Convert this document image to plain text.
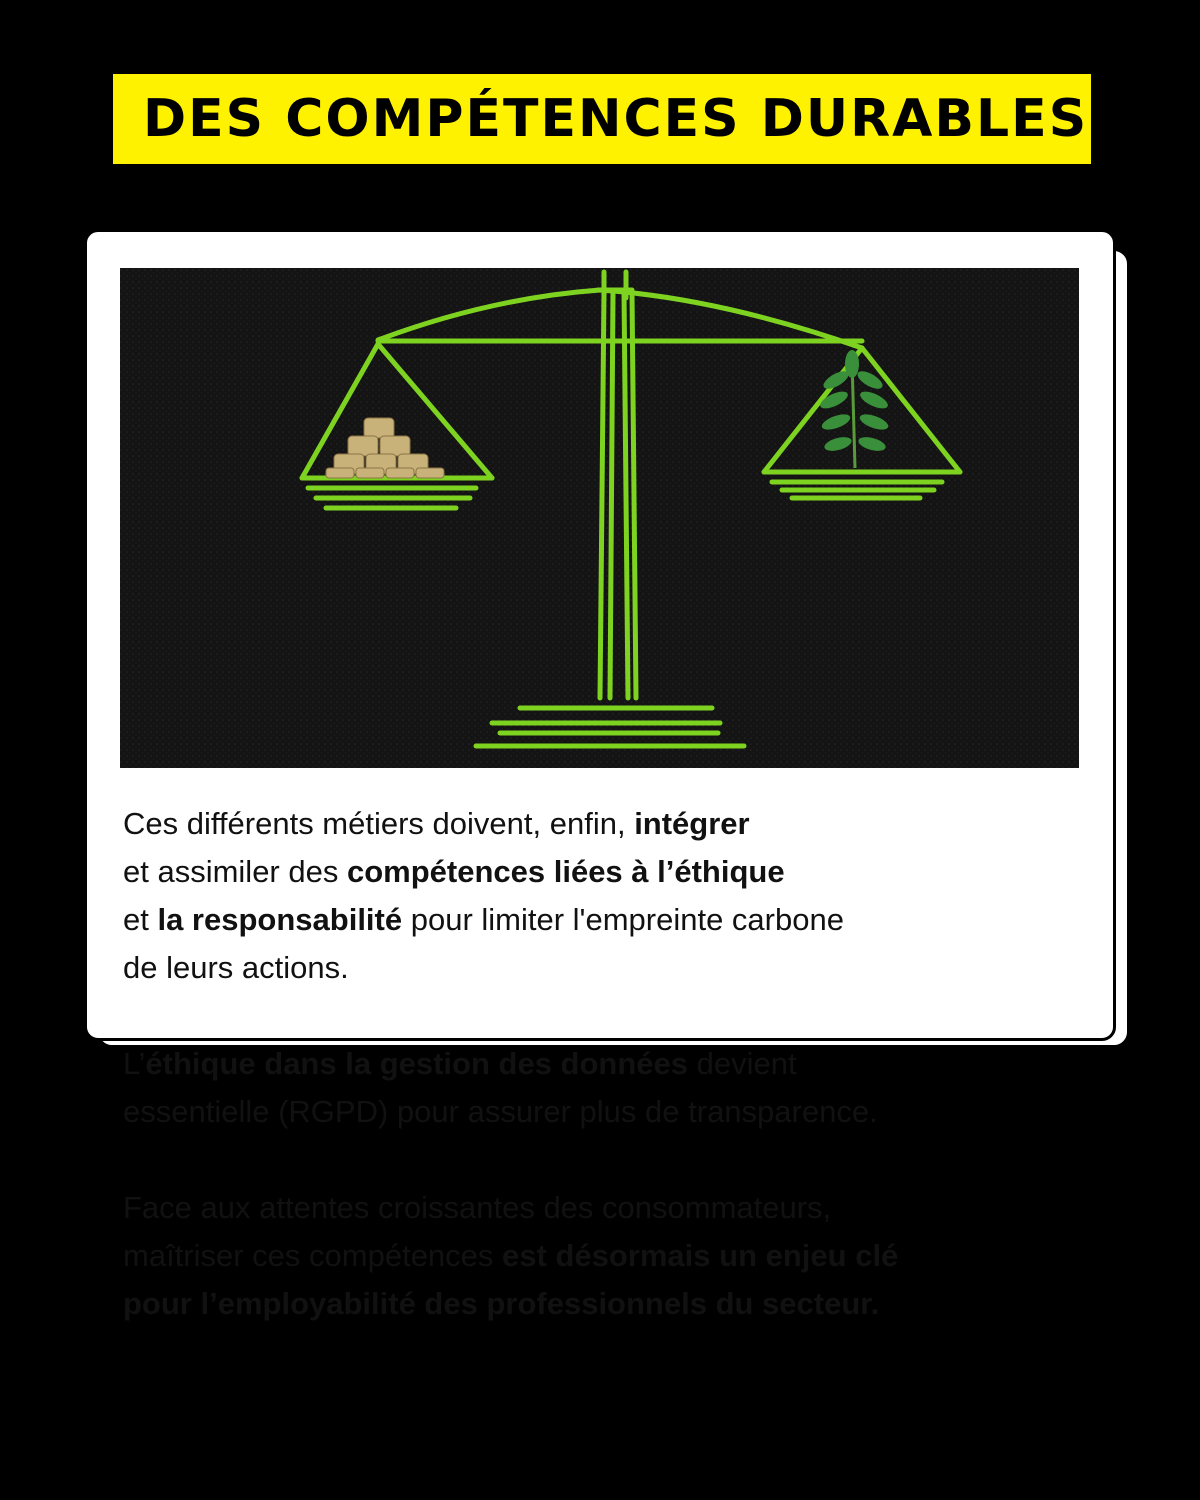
DES COMPÉTENCES DURABLES

Ces différents métiers doivent, enfin, intégrer
et assimiler des compétences liées à l’éthique
et la responsabilité pour limiter l'empreinte carbone
de leurs actions.

L’éthique dans la gestion des données devient
essentielle (RGPD) pour assurer plus de transparence.

Face aux attentes croissantes des consommateurs,
maîtriser ces compétences est désormais un enjeu clé
pour l’employabilité des professionnels du secteur.
